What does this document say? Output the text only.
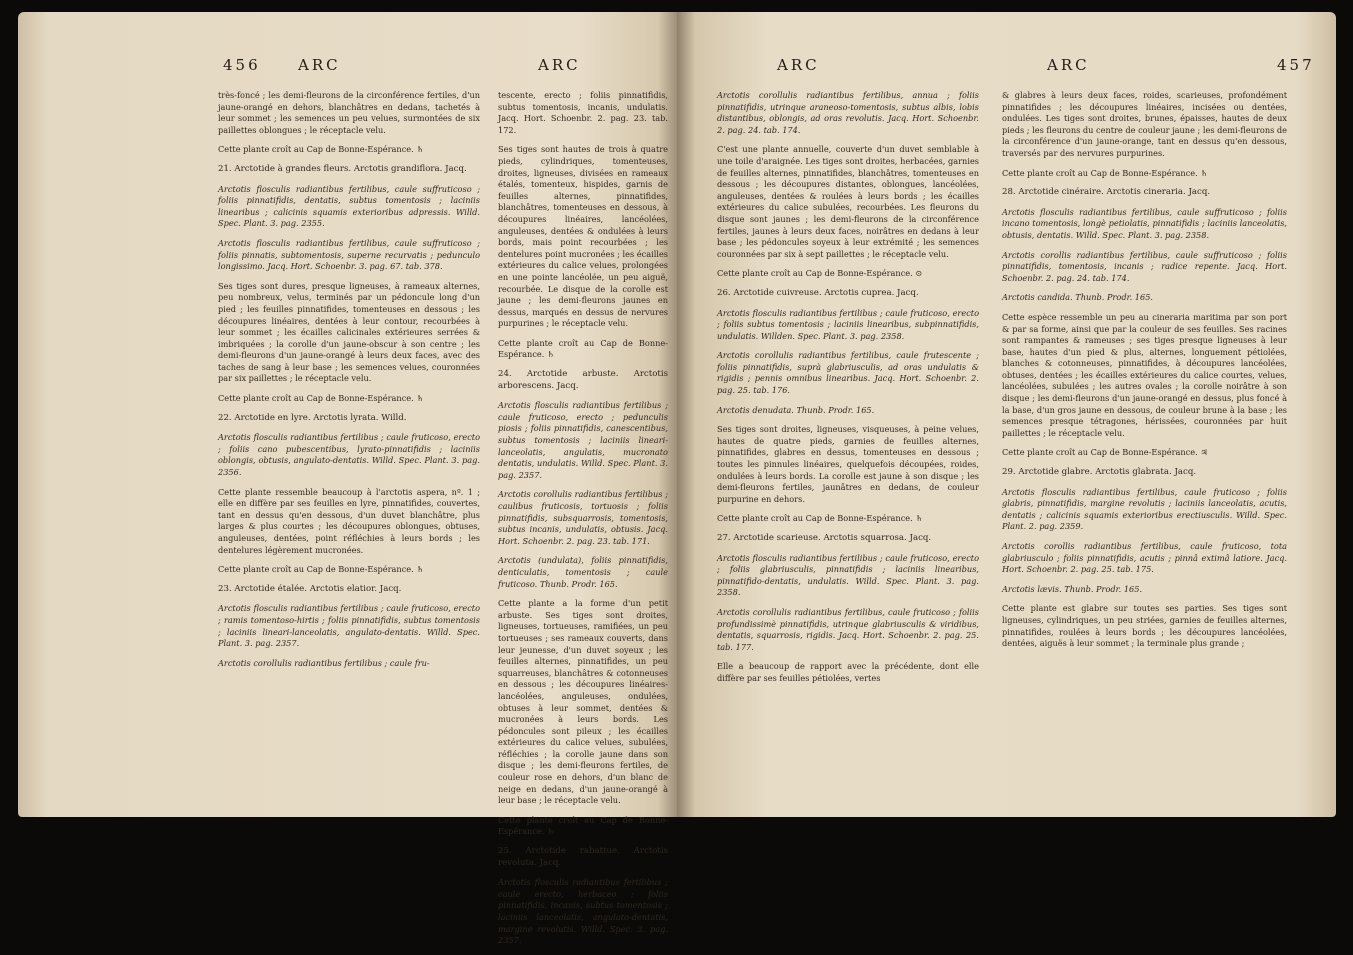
456 ARC	ARC

très-foncé ; les demi-fleurons de la circonférence fertiles, d'un jaune-orangé en dehors, blanchâtres en dedans, tachetés à leur sommet ; les semences un peu velues, surmontées de six paillettes oblongues ; le réceptacle velu.

Cette plante croît au Cap de Bonne-Espérance. ♄

21. Arctotide à grandes fleurs. Arctotis grandiflora. Jacq.

Arctotis flosculis radiantibus fertilibus, caule suffruticoso ; foliis pinnatifidis, dentatis, subtus tomentosis ; laciniis linearibus ; calicinis squamis exterioribus adpressis. Willd. Spec. Plant. 3. pag. 2355.

Arctotis flosculis radiantibus fertilibus, caule suffruticoso ; foliis pinnatis, subtomentosis, superne recurvatis ; pedunculo longissimo. Jacq. Hort. Schoenbr. 3. pag. 67. tab. 378.

Ses tiges sont dures, presque ligneuses, à rameaux alternes, peu nombreux, velus, terminés par un pédoncule long d'un pied ; les feuilles pinnatifides, tomenteuses en dessous ; les découpures linéaires, dentées à leur contour, recourbées à leur sommet ; les écailles calicinales extérieures serrées & imbriquées ; la corolle d'un jaune-obscur à son centre ; les demi-fleurons d'un jaune-orangé à leurs deux faces, avec des taches de sang à leur base ; les semences velues, couronnées par six paillettes ; le réceptacle velu.

Cette plante croît au Cap de Bonne-Espérance. ♄

22. Arctotide en lyre. Arctotis lyrata. Willd.

Arctotis flosculis radiantibus fertilibus ; caule fruticoso, erecto ; foliis cano pubescentibus, lyrato-pinnatifidis ; laciniis oblongis, obtusis, angulato-dentatis. Willd. Spec. Plant. 3. pag. 2356.

Cette plante ressemble beaucoup à l'arctotis aspera, nº. 1 ; elle en diffère par ses feuilles en lyre, pinnatifides, couvertes, tant en dessus qu'en dessous, d'un duvet blanchâtre, plus larges & plus courtes ; les découpures oblongues, obtuses, anguleuses, dentées, point réfléchies à leurs bords ; les dentelures légèrement mucronées.

Cette plante croît au Cap de Bonne-Espérance. ♄

23. Arctotide étalée. Arctotis elatior. Jacq.

Arctotis flosculis radiantibus fertilibus ; caule fruticoso, erecto ; ramis tomentoso-hirtis ; foliis pinnatifidis, subtus tomentosis ; laciniis lineari-lanceolatis, angulato-dentatis. Willd. Spec. Plant. 3. pag. 2357.

Arctotis corollulis radiantibus fertilibus ; caule fru-

tescente, erecto ; foliis pinnatifidis, subtus tomentosis, incanis, undulatis. Jacq. Hort. Schoenbr. 2. pag. 23. tab. 172.

Ses tiges sont hautes de trois à quatre pieds, cylindriques, tomenteuses, droites, ligneuses, divisées en rameaux étalés, tomenteux, hispides, garnis de feuilles alternes, pinnatifides, blanchâtres, tomenteuses en dessous, à découpures linéaires, lancéolées, anguleuses, dentées & ondulées à leurs bords, mais point recourbées ; les dentelures point mucronées ; les écailles extérieures du calice velues, prolongées en une pointe lancéolée, un peu aiguë, recourbée. Le disque de la corolle est jaune ; les demi-fleurons jaunes en dessus, marqués en dessus de nervures purpurines ; le réceptacle velu.

Cette plante croît au Cap de Bonne-Espérance. ♄

24. Arctotide arbuste. Arctotis arborescens. Jacq.

Arctotis flosculis radiantibus fertilibus ; caule fruticoso, erecto ; pedunculis piosis ; foliis pinnatifidis, canescentibus, subtus tomentosis ; laciniis lineari-lanceolatis, angulatis, mucronato dentatis, undulatis. Willd. Spec. Plant. 3. pag. 2357.

Arctotis corollulis radiantibus fertilibus ; caulibus fruticosis, tortuosis ; foliis pinnatifidis, subsquarrosis, tomentosis, subtus incanis, undulatis, obtusis. Jacq. Hort. Schoenbr. 2. pag. 23. tab. 171.

Arctotis (undulata), foliis pinnatifidis, denticulatis, tomentosis ; caule fruticoso. Thunb. Prodr. 165.

Cette plante a la forme d'un petit arbuste. Ses tiges sont droites, ligneuses, tortueuses, ramifiées, un peu tortueuses ; ses rameaux couverts, dans leur jeunesse, d'un duvet soyeux ; les feuilles alternes, pinnatifides, un peu squarreuses, blanchâtres & cotonneuses en dessous ; les découpures linéaires-lancéolées, anguleuses, ondulées, obtuses à leur sommet, dentées & mucronées à leurs bords. Les pédoncules sont pileux ; les écailles extérieures du calice velues, subulées, réfléchies ; la corolle jaune dans son disque ; les demi-fleurons fertiles, de couleur rose en dehors, d'un blanc de neige en dedans, d'un jaune-orangé à leur base ; le réceptacle velu.

Cette plante croît au Cap de Bonne-Espérance. ♄

25. Arctotide rabattue. Arctotis revoluta. Jacq.

Arctotis flosculis radiantibus fertilibus ; caule erecto, herbaceo ; foliis pinnatifidis, incanis, subtus tomentosis ; laciniis lanceolatis, angulato-dentatis, margine revolutis. Willd. Spec. 3. pag. 2357.

ARC	ARC	457

Arctotis corollulis radiantibus fertilibus, annua ; foliis pinnatifidis, utrinque araneoso-tomentosis, subtus albis, lobis distantibus, oblongis, ad oras revolutis. Jacq. Hort. Schoenbr. 2. pag. 24. tab. 174.

C'est une plante annuelle, couverte d'un duvet semblable à une toile d'araignée. Les tiges sont droites, herbacées, garnies de feuilles alternes, pinnatifides, blanchâtres, tomenteuses en dessous ; les découpures distantes, oblongues, lancéolées, anguleuses, dentées & roulées à leurs bords ; les écailles extérieures du calice subulées, recourbées. Les fleurons du disque sont jaunes ; les demi-fleurons de la circonférence fertiles, jaunes à leurs deux faces, noirâtres en dedans à leur base ; les pédoncules soyeux à leur extrémité ; les semences couronnées par six à sept paillettes ; le réceptacle velu.

Cette plante croît au Cap de Bonne-Espérance. ⊙

26. Arctotide cuivreuse. Arctotis cuprea. Jacq.

Arctotis flosculis radiantibus fertilibus ; caule fruticoso, erecto ; foliis subtus tomentosis ; laciniis linearibus, subpinnatifidis, undulatis. Willden. Spec. Plant. 3. pag. 2358.

Arctotis corollulis radiantibus fertilibus, caule frutescente ; foliis pinnatifidis, suprà glabriusculis, ad oras undulatis & rigidis ; pennis omnibus linearibus. Jacq. Hort. Schoenbr. 2. pag. 25. tab. 176.

Arctotis denudata. Thunb. Prodr. 165.

Ses tiges sont droites, ligneuses, visqueuses, à peine velues, hautes de quatre pieds, garnies de feuilles alternes, pinnatifides, glabres en dessus, tomenteuses en dessous ; toutes les pinnules linéaires, quelquefois découpées, roides, ondulées à leurs bords. La corolle est jaune à son disque ; les demi-fleurons fertiles, jaunâtres en dedans, de couleur purpurine en dehors.

Cette plante croît au Cap de Bonne-Espérance. ♄

27. Arctotide scarieuse. Arctotis squarrosa. Jacq.

Arctotis flosculis radiantibus fertilibus ; caule fruticoso, erecto ; foliis glabriusculis, pinnatifidis ; laciniis linearibus, pinnatifido-dentatis, undulatis. Willd. Spec. Plant. 3. pag. 2358.

Arctotis corollulis radiantibus fertilibus, caule fruticoso ; foliis profundissimè pinnatifidis, utrinque glabriusculis & viridibus, dentatis, squarrosis, rigidis. Jacq. Hort. Schoenbr. 2. pag. 25. tab. 177.

Elle a beaucoup de rapport avec la précédente, dont elle diffère par ses feuilles pétiolées, vertes

& glabres à leurs deux faces, roides, scarieuses, profondément pinnatifides ; les découpures linéaires, incisées ou dentées, ondulées. Les tiges sont droites, brunes, épaisses, hautes de deux pieds ; les fleurons du centre de couleur jaune ; les demi-fleurons de la circonférence d'un jaune-orange, tant en dessus qu'en dessous, traversés par des nervures purpurines.

Cette plante croît au Cap de Bonne-Espérance. ♄

28. Arctotide cinéraire. Arctotis cineraria. Jacq.

Arctotis flosculis radiantibus fertilibus, caule suffruticoso ; foliis incano tomentosis, longè petiolatis, pinnatifidis ; laciniis lanceolatis, obtusis, dentatis. Willd. Spec. Plant. 3. pag. 2358.

Arctotis corollis radiantibus fertilibus, caule suffruticoso ; foliis pinnatifidis, tomentosis, incanis ; radice repente. Jacq. Hort. Schoenbr. 2. pag. 24. tab. 174.

Arctotis candida. Thunb. Prodr. 165.

Cette espèce ressemble un peu au cineraria maritima par son port & par sa forme, ainsi que par la couleur de ses feuilles. Ses racines sont rampantes & rameuses ; ses tiges presque ligneuses à leur base, hautes d'un pied & plus, alternes, longuement pétiolées, blanches & cotonneuses, pinnatifides, à découpures lancéolées, obtuses, dentées ; les écailles extérieures du calice courtes, velues, lancéolées, subulées ; les autres ovales ; la corolle noirâtre à son disque ; les demi-fleurons d'un jaune-orangé en dessus, plus foncé à la base, d'un gros jaune en dessous, de couleur brune à la base ; les semences presque tétragones, hérissées, couronnées par huit paillettes ; le réceptacle velu.

Cette plante croît au Cap de Bonne-Espérance. ♃

29. Arctotide glabre. Arctotis glabrata. Jacq.

Arctotis flosculis radiantibus fertilibus, caule fruticoso ; foliis glabris, pinnatifidis, margine revolutis ; laciniis lanceolatis, acutis, dentatis ; calicinis squamis exterioribus erectiusculis. Willd. Spec. Plant. 2. pag. 2359.

Arctotis corollis radiantibus fertilibus, caule fruticoso, tota glabriusculo ; foliis pinnatifidis, acutis ; pinnâ extimâ latiore. Jacq. Hort. Schoenbr. 2. pag. 25. tab. 175.

Arctotis lævis. Thunb. Prodr. 165.

Cette plante est glabre sur toutes ses parties. Ses tiges sont ligneuses, cylindriques, un peu striées, garnies de feuilles alternes, pinnatifides, roulées à leurs bords ; les découpures lancéolées, dentées, aiguës à leur sommet ; la terminale plus grande ;
